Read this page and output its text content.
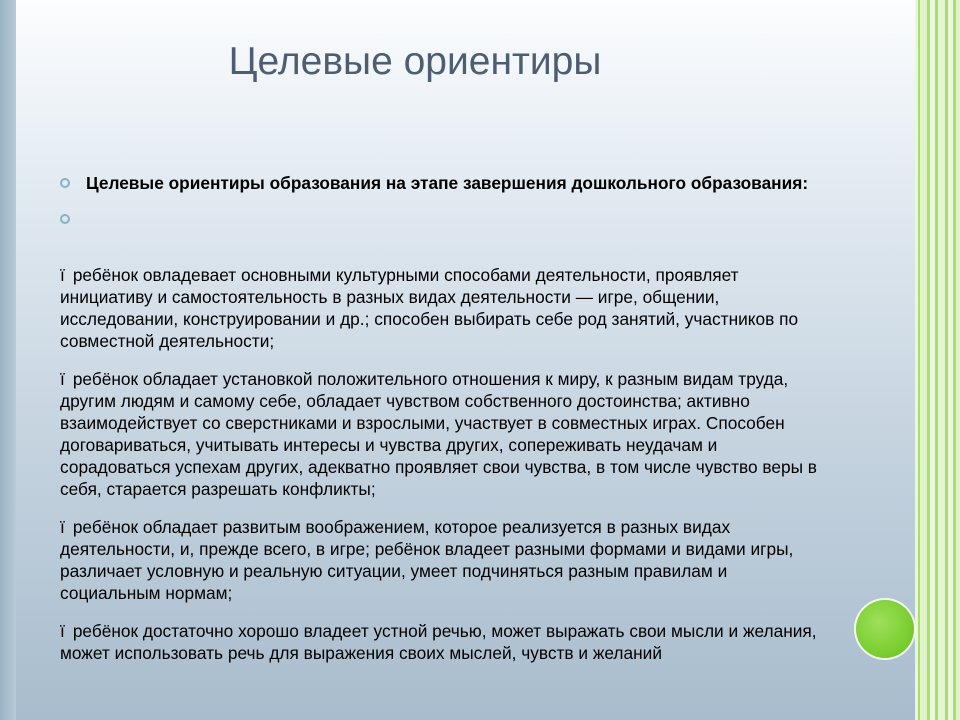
Целевые ориентиры
Целевые ориентиры образования на этапе завершения дошкольного образования:
ï ребёнок овладевает основными культурными способами деятельности, проявляет инициативу и самостоятельность в разных видах деятельности — игре, общении, исследовании, конструировании и др.; способен выбирать себе род занятий, участников по совместной деятельности;
ï ребёнок обладает установкой положительного отношения к миру, к разным видам труда, другим людям и самому себе, обладает чувством собственного достоинства; активно взаимодействует со сверстниками и взрослыми, участвует в совместных играх. Способен договариваться, учитывать интересы и чувства других, сопереживать неудачам и сорадоваться успехам других, адекватно проявляет свои чувства, в том числе чувство веры в себя, старается разрешать конфликты;
ï ребёнок обладает развитым воображением, которое реализуется в разных видах деятельности, и, прежде всего, в игре; ребёнок владеет разными формами и видами игры, различает условную и реальную ситуации, умеет подчиняться разным правилам и социальным нормам;
ï ребёнок достаточно хорошо владеет устной речью, может выражать свои мысли и желания, может использовать речь для выражения своих мыслей, чувств и желаний
